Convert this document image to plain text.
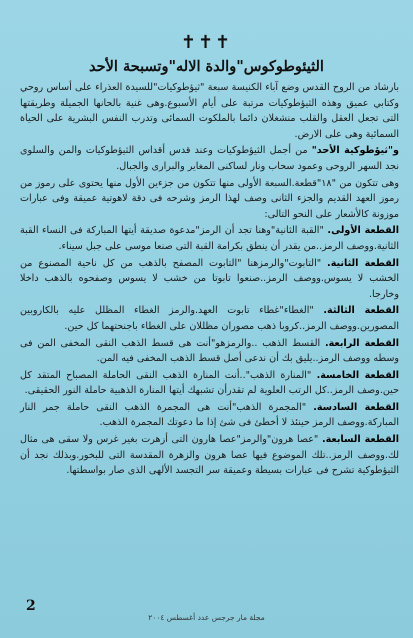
✝✝✝
الثيئوطوكوس"والدة الاله"وتسبحة الأحد

بارشاد من الروح القدس وضع آباء الكنيسة سبعة "ثيؤطوكيات"للسيدة العذراء على أساس روحي وكتابي عميق وهذه الثيؤطوكيات مرتبة على أيام الأسبوع.وهى غنية بالحانها الجميلة وطريقتها التى تجعل العقل والقلب منشغلان دائما بالملكوت السمائى وتدرب النفس البشرية على الحياة السمائية وهى على الارض.

و"ثيؤطوكية الأحد" من أجمل الثيؤطوكيات وعند قدس أقداس الثيؤطوكيات والمن والسلوى نجد السهر الروحى وعمود سحاب ونار لساكنى المغاير والبرارى والجبال.

وهى تتكون من "١٨"قطعة.السبعة الأولى منها تتكون من جزءين الأول منها يحتوى على رموز من رموز العهد القديم والجزء الثانى وصف لهذا الرمز وشرحه فى دقة لاهوتية عميقة وفى عبارات موزونة كالأشعار على النحو التالى:

القطعة الأولى. "القبة الثانية"وهنا تجد أن الرمز"مدعوة صديقة أيتها المباركة فى النساء القبة الثانية.ووصف الرمز..من يقدر أن ينطق بكرامة القبة التى صنعا موسى على جبل سيناء.

القطعة الثانية. "التابوت"والرمزهنا "التابوت المصفح بالذهب من كل ناحية المصنوع من الخشب لا يسوس.ووصف الرمز..صنعوا تابوتا من خشب لا يسوس وصفحوه بالذهب داخلا وخارجا.

القطعة الثالثة. "الغطاء"غطاء تابوت العهد.والرمز الغطاء المظلل عليه بالكاروبين المصورين.ووصف الرمز..كروبا ذهب مصوران مظللان على الغطاء باجنحتهما كل حين.

القطعة الرابعة. القسط الذهب ..والرمزهو"أنت هى قسط الذهب النقى المخفى المن فى وسطه ووصف الرمز..يليق بك أن ندعى أصل قسط الذهب المخفى فيه المن.

القطعة الخامسة. "المنارة الذهب"..أنت المنارة الذهب النقى الحاملة المصباح المتقد كل حين.وصف الرمز..كل الرتب العلوية لم تقدرأن تشبهك أيتها المنارة الذهبية حاملة النور الحقيقى.

القطعة السادسة. "المجمرة الذهب"أنت هى المجمرة الذهب النقى حاملة جمر النار المباركة.ووصف الرمز حينئذ لا أخطئ فى شئ إذا ما دعوتك المجمرة الذهب.

القطعة السابعة. "عصا هرون"والرمز"عصا هارون التى أزهرت بغير غرس ولا سقى هى مثال لك.ووصف الرمز..تلك الموضوع فيها عصا هرون والزهرة المقدسة التى للبخور.وبذلك نجد أن الثيؤطوكية تشرح فى عبارات بسيطة وعميقة سر التجسد الألهى الذى صار بواسطتها.

2
مجلة مار جرجس عدد أغسطس ٢٠٠٤
